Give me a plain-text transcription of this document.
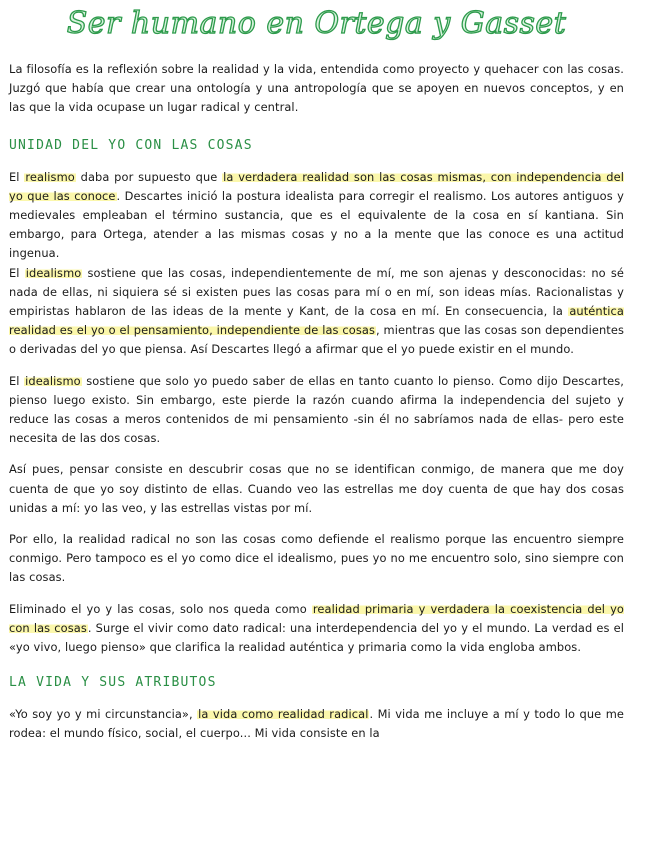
Ser humano en Ortega y Gasset

La filosofía es la reflexión sobre la realidad y la vida, entendida como proyecto y quehacer con las cosas. Juzgó que había que crear una ontología y una antropología que se apoyen en nuevos conceptos, y en las que la vida ocupase un lugar radical y central.

UNIDAD DEL YO CON LAS COSAS

El realismo daba por supuesto que la verdadera realidad son las cosas mismas, con independencia del yo que las conoce. Descartes inició la postura idealista para corregir el realismo. Los autores antiguos y medievales empleaban el término sustancia, que es el equivalente de la cosa en sí kantiana. Sin embargo, para Ortega, atender a las mismas cosas y no a la mente que las conoce es una actitud ingenua.
El idealismo sostiene que las cosas, independientemente de mí, me son ajenas y desconocidas: no sé nada de ellas, ni siquiera sé si existen pues las cosas para mí o en mí, son ideas mías. Racionalistas y empiristas hablaron de las ideas de la mente y Kant, de la cosa en mí. En consecuencia, la auténtica realidad es el yo o el pensamiento, independiente de las cosas, mientras que las cosas son dependientes o derivadas del yo que piensa. Así Descartes llegó a afirmar que el yo puede existir en el mundo.

El idealismo sostiene que solo yo puedo saber de ellas en tanto cuanto lo pienso. Como dijo Descartes, pienso luego existo. Sin embargo, este pierde la razón cuando afirma la independencia del sujeto y reduce las cosas a meros contenidos de mi pensamiento -sin él no sabríamos nada de ellas- pero este necesita de las dos cosas.

Así pues, pensar consiste en descubrir cosas que no se identifican conmigo, de manera que me doy cuenta de que yo soy distinto de ellas. Cuando veo las estrellas me doy cuenta de que hay dos cosas unidas a mí: yo las veo, y las estrellas vistas por mí.

Por ello, la realidad radical no son las cosas como defiende el realismo porque las encuentro siempre conmigo. Pero tampoco es el yo como dice el idealismo, pues yo no me encuentro solo, sino siempre con las cosas.

Eliminado el yo y las cosas, solo nos queda como realidad primaria y verdadera la coexistencia del yo con las cosas. Surge el vivir como dato radical: una interdependencia del yo y el mundo. La verdad es el «yo vivo, luego pienso» que clarifica la realidad auténtica y primaria como la vida engloba ambos.

LA VIDA Y SUS ATRIBUTOS

«Yo soy yo y mi circunstancia», la vida como realidad radical. Mi vida me incluye a mí y todo lo que me rodea: el mundo físico, social, el cuerpo... Mi vida consiste en la
